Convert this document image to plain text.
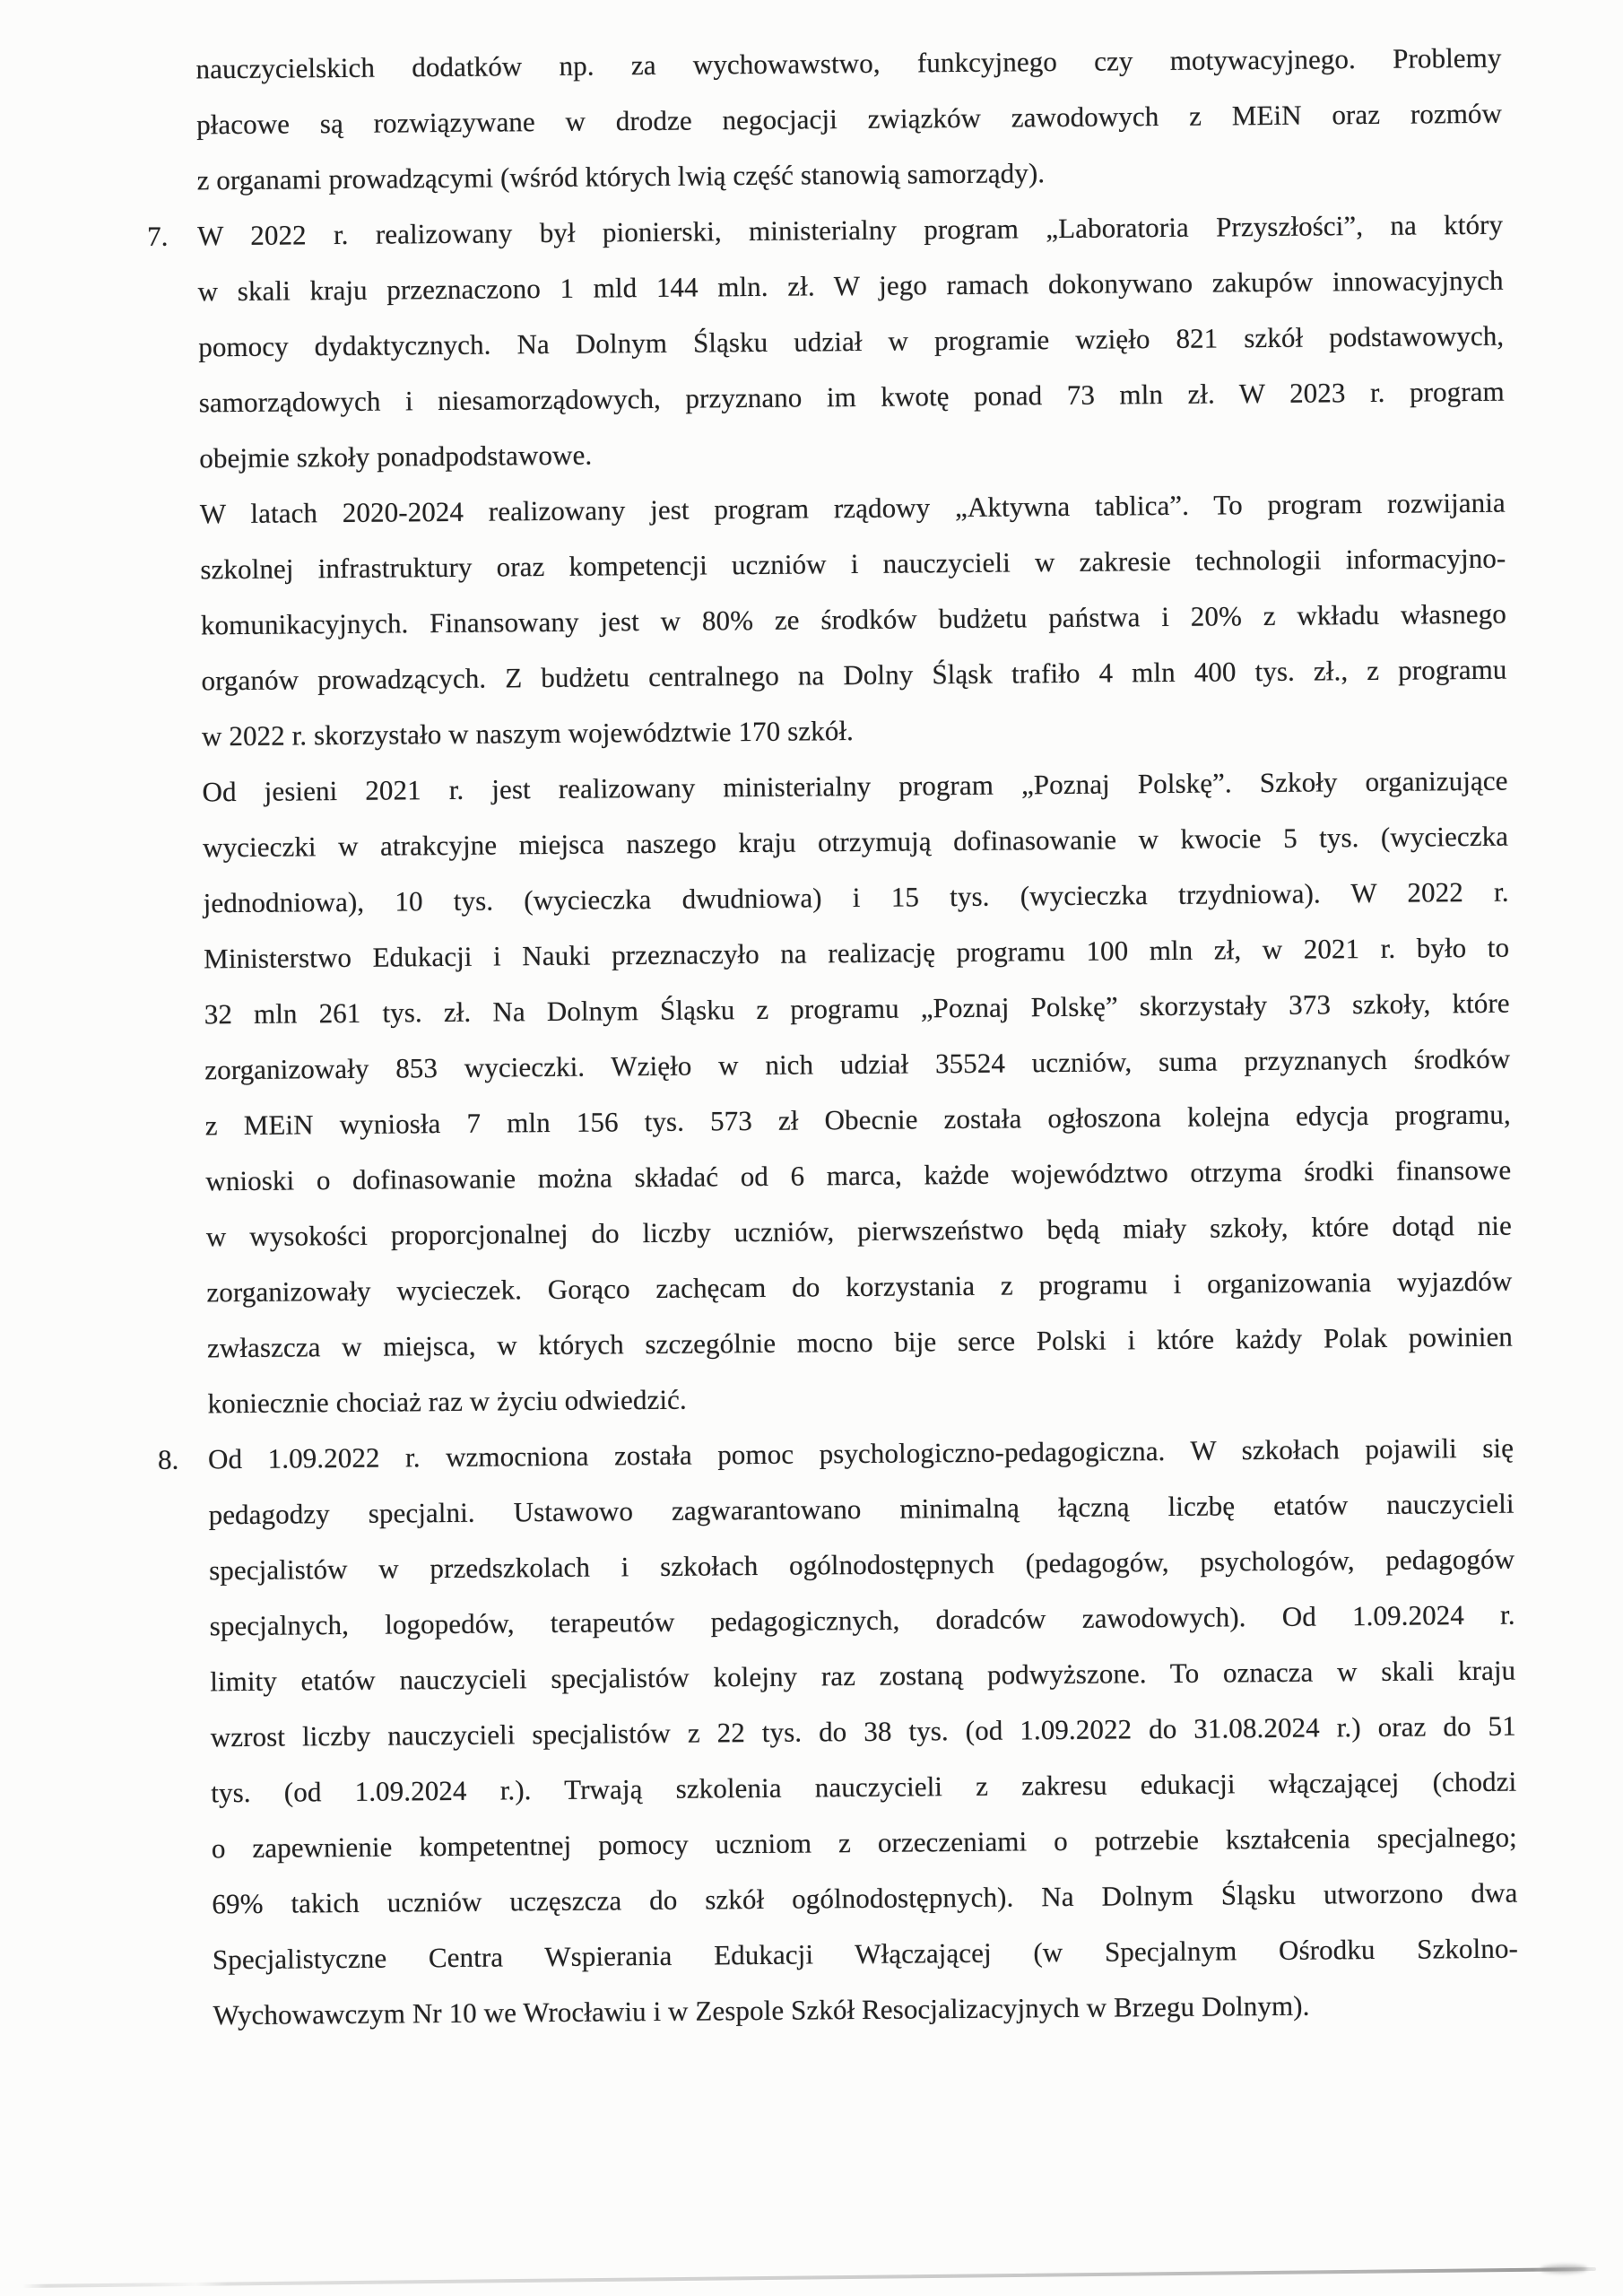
nauczycielskich dodatków np. za wychowawstwo, funkcyjnego czy motywacyjnego. Problemy
płacowe są rozwiązywane w drodze negocjacji związków zawodowych z MEiN oraz rozmów
z organami prowadzącymi (wśród których lwią część stanowią samorządy).
7. W 2022 r. realizowany był pionierski, ministerialny program „Laboratoria Przyszłości”, na który
w skali kraju przeznaczono 1 mld 144 mln. zł. W jego ramach dokonywano zakupów innowacyjnych
pomocy dydaktycznych. Na Dolnym Śląsku udział w programie wzięło 821 szkół podstawowych,
samorządowych i niesamorządowych, przyznano im kwotę ponad 73 mln zł. W 2023 r. program
obejmie szkoły ponadpodstawowe.
W latach 2020-2024 realizowany jest program rządowy „Aktywna tablica”. To program rozwijania
szkolnej infrastruktury oraz kompetencji uczniów i nauczycieli w zakresie technologii informacyjno-
komunikacyjnych. Finansowany jest w 80% ze środków budżetu państwa i 20% z wkładu własnego
organów prowadzących. Z budżetu centralnego na Dolny Śląsk trafiło 4 mln 400 tys. zł., z programu
w 2022 r. skorzystało w naszym województwie 170 szkół.
Od jesieni 2021 r. jest realizowany ministerialny program „Poznaj Polskę”. Szkoły organizujące
wycieczki w atrakcyjne miejsca naszego kraju otrzymują dofinasowanie w kwocie 5 tys. (wycieczka
jednodniowa), 10 tys. (wycieczka dwudniowa) i 15 tys. (wycieczka trzydniowa). W 2022 r.
Ministerstwo Edukacji i Nauki przeznaczyło na realizację programu 100 mln zł, w 2021 r. było to
32 mln 261 tys. zł. Na Dolnym Śląsku z programu „Poznaj Polskę” skorzystały 373 szkoły, które
zorganizowały 853 wycieczki. Wzięło w nich udział 35524 uczniów, suma przyznanych środków
z MEiN wyniosła 7 mln 156 tys. 573 zł Obecnie została ogłoszona kolejna edycja programu,
wnioski o dofinasowanie można składać od 6 marca, każde województwo otrzyma środki finansowe
w wysokości proporcjonalnej do liczby uczniów, pierwszeństwo będą miały szkoły, które dotąd nie
zorganizowały wycieczek. Gorąco zachęcam do korzystania z programu i organizowania wyjazdów
zwłaszcza w miejsca, w których szczególnie mocno bije serce Polski i które każdy Polak powinien
koniecznie chociaż raz w życiu odwiedzić.
8. Od 1.09.2022 r. wzmocniona została pomoc psychologiczno-pedagogiczna. W szkołach pojawili się
pedagodzy specjalni. Ustawowo zagwarantowano minimalną łączną liczbę etatów nauczycieli
specjalistów w przedszkolach i szkołach ogólnodostępnych (pedagogów, psychologów, pedagogów
specjalnych, logopedów, terapeutów pedagogicznych, doradców zawodowych). Od 1.09.2024 r.
limity etatów nauczycieli specjalistów kolejny raz zostaną podwyższone. To oznacza w skali kraju
wzrost liczby nauczycieli specjalistów z 22 tys. do 38 tys. (od 1.09.2022 do 31.08.2024 r.) oraz do 51
tys. (od 1.09.2024 r.). Trwają szkolenia nauczycieli z zakresu edukacji włączającej (chodzi
o zapewnienie kompetentnej pomocy uczniom z orzeczeniami o potrzebie kształcenia specjalnego;
69% takich uczniów uczęszcza do szkół ogólnodostępnych). Na Dolnym Śląsku utworzono dwa
Specjalistyczne Centra Wspierania Edukacji Włączającej (w Specjalnym Ośrodku Szkolno-
Wychowawczym Nr 10 we Wrocławiu i w Zespole Szkół Resocjalizacyjnych w Brzegu Dolnym).
